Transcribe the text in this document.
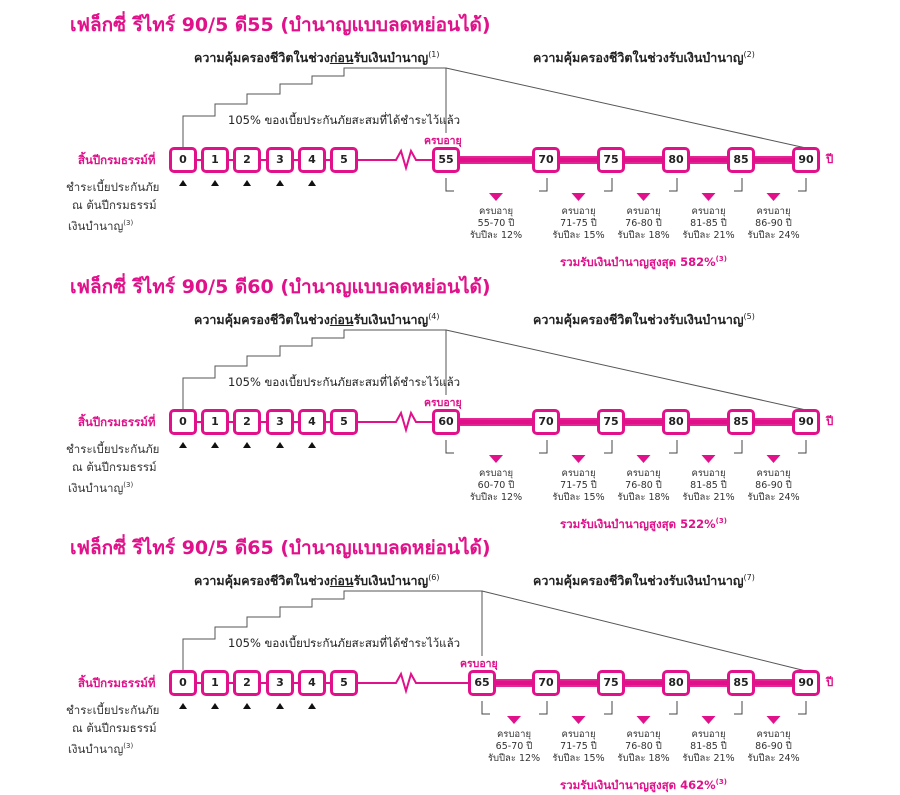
เฟล็กซี่ รีไทร์ 90/5 ดี55 (บำนาญแบบลดหย่อนได้)
ความคุ้มครองชีวิตในช่วงก่อนรับเงินบำนาญ$^{(1)}$	ความคุ้มครองชีวิตในช่วงรับเงินบำนาญ$^{(2)}$
105% ของเบี้ยประกันภัยสะสมที่ได้ชำระไว้แล้ว
สิ้นปีกรมธรรม์ที่
ชำระเบี้ยประกันภัย
ณ ต้นปีกรมธรรม์
เงินบำนาญ$^{(3)}$
0	1	2	3	4	5	55	70	75	80	85	90
ครบอายุ
ปี
ครบอายุ
55-70 ปี
รับปีละ 12%
ครบอายุ
71-75 ปี
รับปีละ 15%
ครบอายุ
76-80 ปี
รับปีละ 18%
ครบอายุ
81-85 ปี
รับปีละ 21%
ครบอายุ
86-90 ปี
รับปีละ 24%
รวมรับเงินบำนาญสูงสุด 582%$^{(3)}$
เฟล็กซี่ รีไทร์ 90/5 ดี60 (บำนาญแบบลดหย่อนได้)
ความคุ้มครองชีวิตในช่วงก่อนรับเงินบำนาญ$^{(4)}$	ความคุ้มครองชีวิตในช่วงรับเงินบำนาญ$^{(5)}$
105% ของเบี้ยประกันภัยสะสมที่ได้ชำระไว้แล้ว
สิ้นปีกรมธรรม์ที่
ชำระเบี้ยประกันภัย
ณ ต้นปีกรมธรรม์
เงินบำนาญ$^{(3)}$
0	1	2	3	4	5	60	70	75	80	85	90
ครบอายุ
ปี
ครบอายุ
60-70 ปี
รับปีละ 12%
ครบอายุ
71-75 ปี
รับปีละ 15%
ครบอายุ
76-80 ปี
รับปีละ 18%
ครบอายุ
81-85 ปี
รับปีละ 21%
ครบอายุ
86-90 ปี
รับปีละ 24%
รวมรับเงินบำนาญสูงสุด 522%$^{(3)}$
เฟล็กซี่ รีไทร์ 90/5 ดี65 (บำนาญแบบลดหย่อนได้)
ความคุ้มครองชีวิตในช่วงก่อนรับเงินบำนาญ$^{(6)}$	ความคุ้มครองชีวิตในช่วงรับเงินบำนาญ$^{(7)}$
105% ของเบี้ยประกันภัยสะสมที่ได้ชำระไว้แล้ว
สิ้นปีกรมธรรม์ที่
ชำระเบี้ยประกันภัย
ณ ต้นปีกรมธรรม์
เงินบำนาญ$^{(3)}$
0	1	2	3	4	5	65	70	75	80	85	90
ครบอายุ
ปี
ครบอายุ
65-70 ปี
รับปีละ 12%
ครบอายุ
71-75 ปี
รับปีละ 15%
ครบอายุ
76-80 ปี
รับปีละ 18%
ครบอายุ
81-85 ปี
รับปีละ 21%
ครบอายุ
86-90 ปี
รับปีละ 24%
รวมรับเงินบำนาญสูงสุด 462%$^{(3)}$
